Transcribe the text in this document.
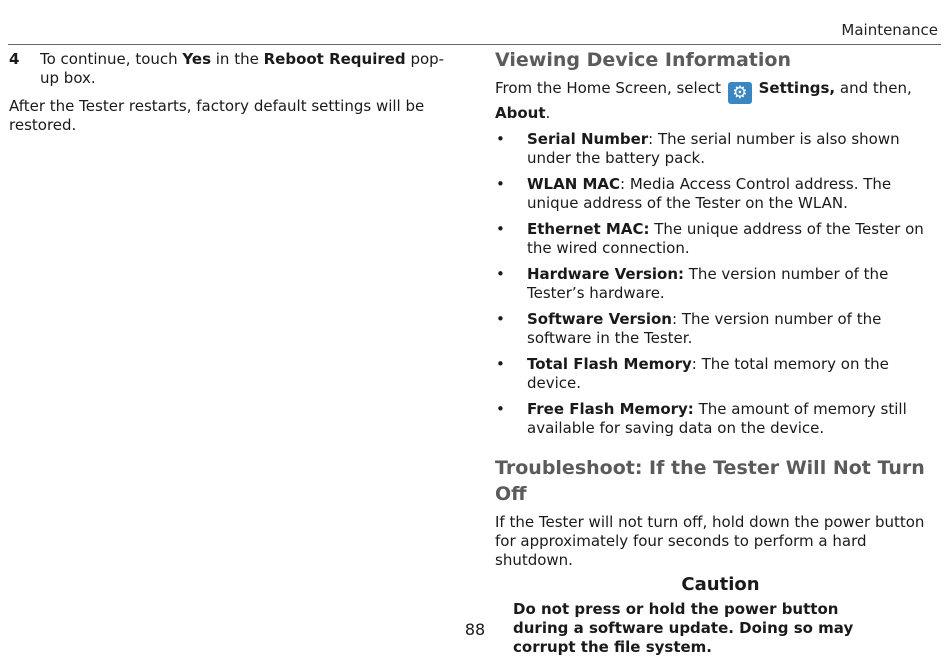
Maintenance
4	To continue, touch Yes in the Reboot Required pop-up box.
After the Tester restarts, factory default settings will be restored.
Viewing Device Information

From the Home Screen, select ⚙ Settings, and then, About.

•	Serial Number: The serial number is also shown under the battery pack.
•	WLAN MAC: Media Access Control address. The unique address of the Tester on the WLAN.
•	Ethernet MAC: The unique address of the Tester on the wired connection.
•	Hardware Version: The version number of the Tester’s hardware.
•	Software Version: The version number of the software in the Tester.
•	Total Flash Memory: The total memory on the device.
•	Free Flash Memory: The amount of memory still available for saving data on the device.
Troubleshoot: If the Tester Will Not Turn Off

If the Tester will not turn off, hold down the power button for approximately four seconds to perform a hard shutdown.

Caution
Do not press or hold the power button during a software update. Doing so may corrupt the file system.
88
